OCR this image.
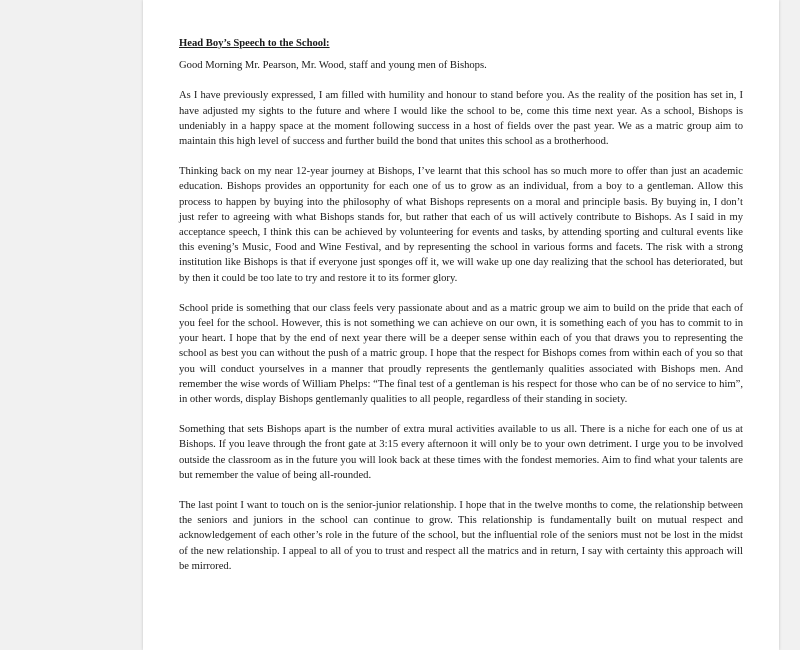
Head Boy’s Speech to the School:
Good Morning Mr. Pearson, Mr. Wood, staff and young men of Bishops.

As I have previously expressed, I am filled with humility and honour to stand before you. As the reality of the position has set in, I have adjusted my sights to the future and where I would like the school to be, come this time next year. As a school, Bishops is undeniably in a happy space at the moment following success in a host of fields over the past year. We as a matric group aim to maintain this high level of success and further build the bond that unites this school as a brotherhood.

Thinking back on my near 12-year journey at Bishops, I’ve learnt that this school has so much more to offer than just an academic education. Bishops provides an opportunity for each one of us to grow as an individual, from a boy to a gentleman. Allow this process to happen by buying into the philosophy of what Bishops represents on a moral and principle basis. By buying in, I don’t just refer to agreeing with what Bishops stands for, but rather that each of us will actively contribute to Bishops. As I said in my acceptance speech, I think this can be achieved by volunteering for events and tasks, by attending sporting and cultural events like this evening’s Music, Food and Wine Festival, and by representing the school in various forms and facets. The risk with a strong institution like Bishops is that if everyone just sponges off it, we will wake up one day realizing that the school has deteriorated, but by then it could be too late to try and restore it to its former glory.

School pride is something that our class feels very passionate about and as a matric group we aim to build on the pride that each of you feel for the school. However, this is not something we can achieve on our own, it is something each of you has to commit to in your heart. I hope that by the end of next year there will be a deeper sense within each of you that draws you to representing the school as best you can without the push of a matric group. I hope that the respect for Bishops comes from within each of you so that you will conduct yourselves in a manner that proudly represents the gentlemanly qualities associated with Bishops men. And remember the wise words of William Phelps: “The final test of a gentleman is his respect for those who can be of no service to him”, in other words, display Bishops gentlemanly qualities to all people, regardless of their standing in society.

Something that sets Bishops apart is the number of extra mural activities available to us all. There is a niche for each one of us at Bishops. If you leave through the front gate at 3:15 every afternoon it will only be to your own detriment. I urge you to be involved outside the classroom as in the future you will look back at these times with the fondest memories. Aim to find what your talents are but remember the value of being all-rounded.

The last point I want to touch on is the senior-junior relationship. I hope that in the twelve months to come, the relationship between the seniors and juniors in the school can continue to grow. This relationship is fundamentally built on mutual respect and acknowledgement of each other’s role in the future of the school, but the influential role of the seniors must not be lost in the midst of the new relationship. I appeal to all of you to trust and respect all the matrics and in return, I say with certainty this approach will be mirrored.
